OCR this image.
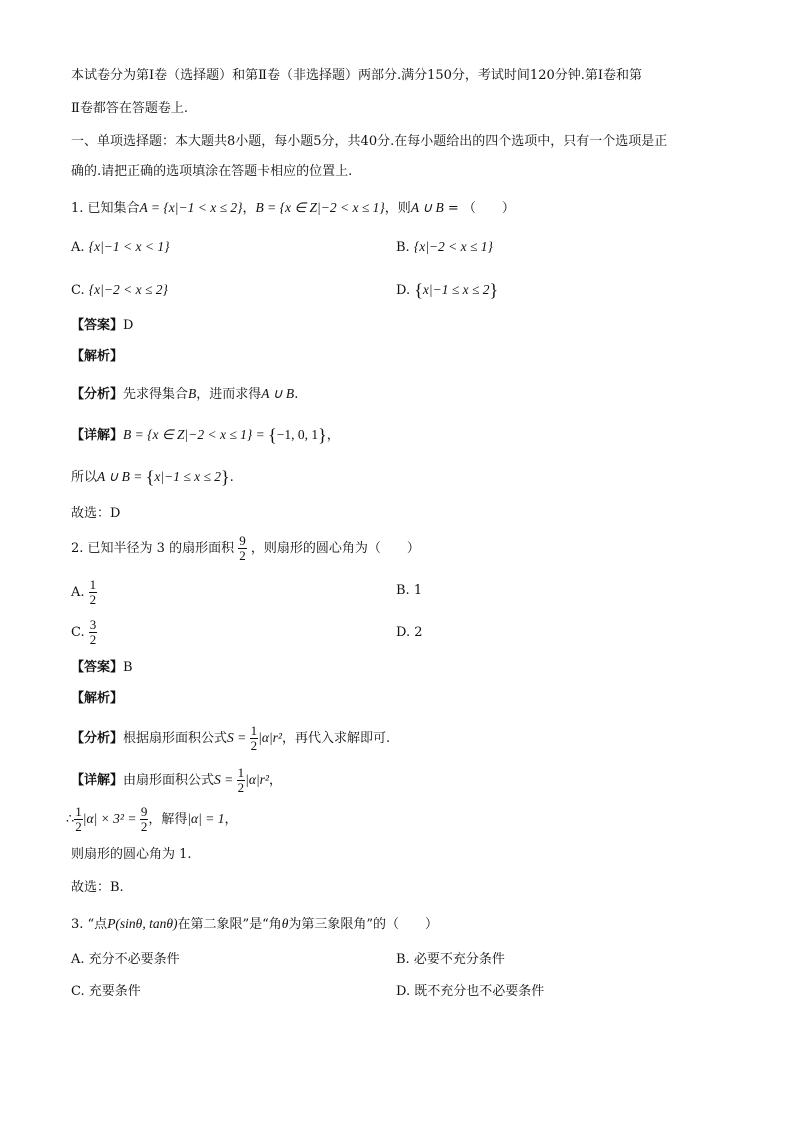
本试卷分为第Ⅰ卷（选择题）和第Ⅱ卷（非选择题）两部分.满分150分，考试时间120分钟.第Ⅰ卷和第
Ⅱ卷都答在答题卷上.
一、单项选择题：本大题共8小题，每小题5分，共40分.在每小题给出的四个选项中，只有一个选项是正
确的.请把正确的选项填涂在答题卡相应的位置上.
1. 已知集合A = {x|−1 < x ≤ 2}，B = {x ∈ Z|−2 < x ≤ 1}，则A ∪ B = （　　）
A. {x|−1 < x < 1}	B. {x|−2 < x ≤ 1}
C. {x|−2 < x ≤ 2}	D. {x|−1 ≤ x ≤ 2}
【答案】D
【解析】
【分析】先求得集合B，进而求得A ∪ B.
【详解】B = {x ∈ Z|−2 < x ≤ 1} = {−1, 0, 1}，
所以A ∪ B = {x|−1 ≤ x ≤ 2}.
故选：D
2. 已知半径为 3 的扇形面积 $\frac{9}{2}$ ，则扇形的圆心角为（　　）
A. $\frac{1}{2}$	B. 1
C. $\frac{3}{2}$	D. 2
【答案】B
【解析】
【分析】根据扇形面积公式$S = \frac{1}{2} |\alpha|r^2$，再代入求解即可.
【详解】由扇形面积公式$S = \frac{1}{2} |\alpha|r^2$，
∴ $\frac{1}{2} |\alpha| \times 3^2 = \frac{9}{2}$ ，解得|α| = 1，
则扇形的圆心角为 1.
故选：B.
3. “点P(sinθ, tanθ)在第二象限”是“角θ为第三象限角”的（　　）
A. 充分不必要条件	B. 必要不充分条件
C. 充要条件	D. 既不充分也不必要条件
